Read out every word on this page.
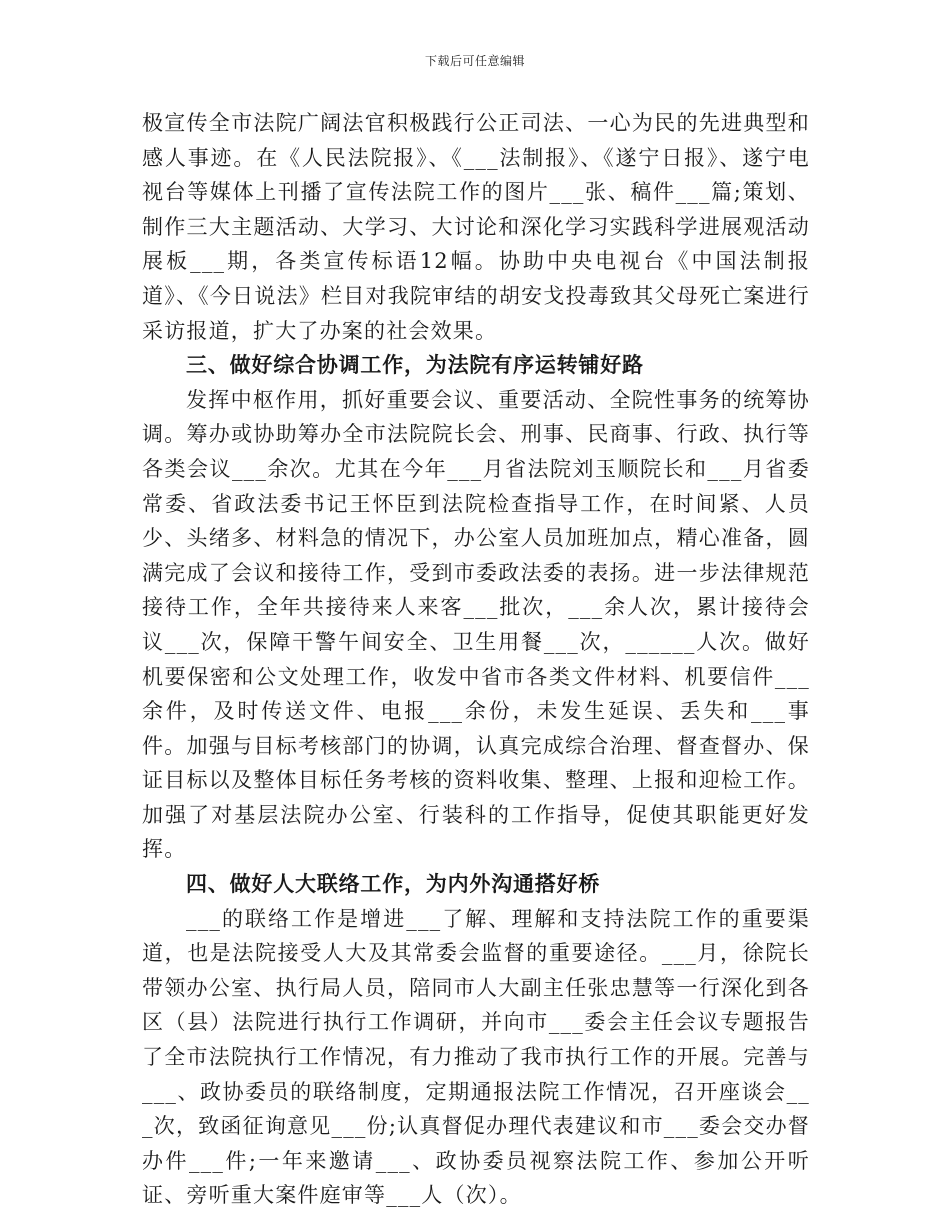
下载后可任意编辑

极宣传全市法院广阔法官积极践行公正司法、一心为民的先进典型和感人事迹。在《人民法院报》、《___法制报》、《遂宁日报》、遂宁电视台等媒体上刊播了宣传法院工作的图片___张、稿件___篇;策划、制作三大主题活动、大学习、大讨论和深化学习实践科学进展观活动展板___期，各类宣传标语12幅。协助中央电视台《中国法制报道》、《今日说法》栏目对我院审结的胡安戈投毒致其父母死亡案进行采访报道，扩大了办案的社会效果。

三、做好综合协调工作，为法院有序运转铺好路

发挥中枢作用，抓好重要会议、重要活动、全院性事务的统筹协调。筹办或协助筹办全市法院院长会、刑事、民商事、行政、执行等各类会议___余次。尤其在今年___月省法院刘玉顺院长和___月省委常委、省政法委书记王怀臣到法院检查指导工作，在时间紧、人员少、头绪多、材料急的情况下，办公室人员加班加点，精心准备，圆满完成了会议和接待工作，受到市委政法委的表扬。进一步法律规范接待工作，全年共接待来人来客___批次，___余人次，累计接待会议___次，保障干警午间安全、卫生用餐___次，______人次。做好机要保密和公文处理工作，收发中省市各类文件材料、机要信件___余件，及时传送文件、电报___余份，未发生延误、丢失和___事件。加强与目标考核部门的协调，认真完成综合治理、督查督办、保证目标以及整体目标任务考核的资料收集、整理、上报和迎检工作。加强了对基层法院办公室、行装科的工作指导，促使其职能更好发挥。

四、做好人大联络工作，为内外沟通搭好桥

___的联络工作是增进___了解、理解和支持法院工作的重要渠道，也是法院接受人大及其常委会监督的重要途径。___月，徐院长带领办公室、执行局人员，陪同市人大副主任张忠慧等一行深化到各区（县）法院进行执行工作调研，并向市___委会主任会议专题报告了全市法院执行工作情况，有力推动了我市执行工作的开展。完善与___、政协委员的联络制度，定期通报法院工作情况，召开座谈会___次，致函征询意见___份;认真督促办理代表建议和市___委会交办督办件___件;一年来邀请___、政协委员视察法院工作、参加公开听证、旁听重大案件庭审等___人（次）。
